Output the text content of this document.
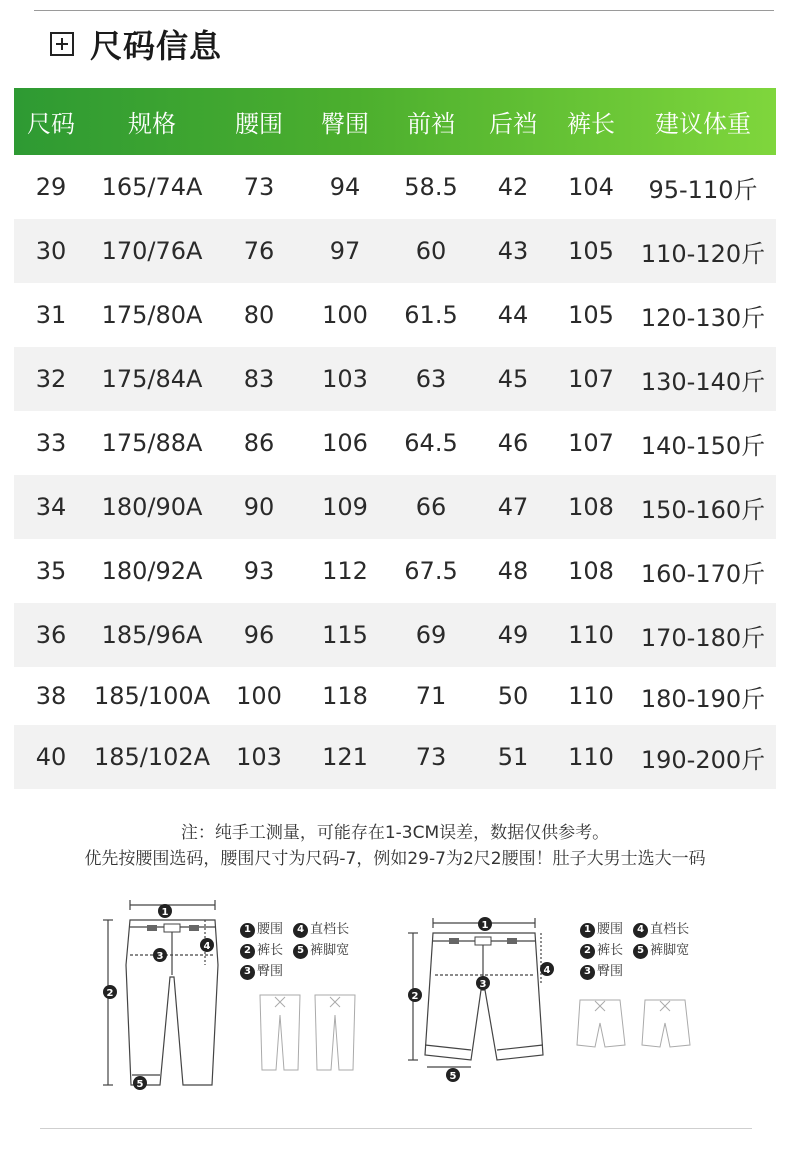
尺码信息
尺码	规格	腰围	臀围	前裆	后裆	裤长	建议体重
29	165/74A	73	94	58.5	42	104	95-110斤
30	170/76A	76	97	60	43	105	110-120斤
31	175/80A	80	100	61.5	44	105	120-130斤
32	175/84A	83	103	63	45	107	130-140斤
33	175/88A	86	106	64.5	46	107	140-150斤
34	180/90A	90	109	66	47	108	150-160斤
35	180/92A	93	112	67.5	48	108	160-170斤
36	185/96A	96	115	69	49	110	170-180斤
38	185/100A	100	118	71	50	110	180-190斤
40	185/102A	103	121	73	51	110	190-200斤
注：纯手工测量，可能存在1-3CM误差，数据仅供参考。
优先按腰围选码，腰围尺寸为尺码-7，例如29-7为2尺2腰围！肚子大男士选大一码
1
2
3
4
5
1 腰围
	4 直档长
2 裤长
	5 裤脚宽
3 臀围
1
2
3
4
5
1 腰围
	4 直档长
2 裤长
	5 裤脚宽
3 臀围
